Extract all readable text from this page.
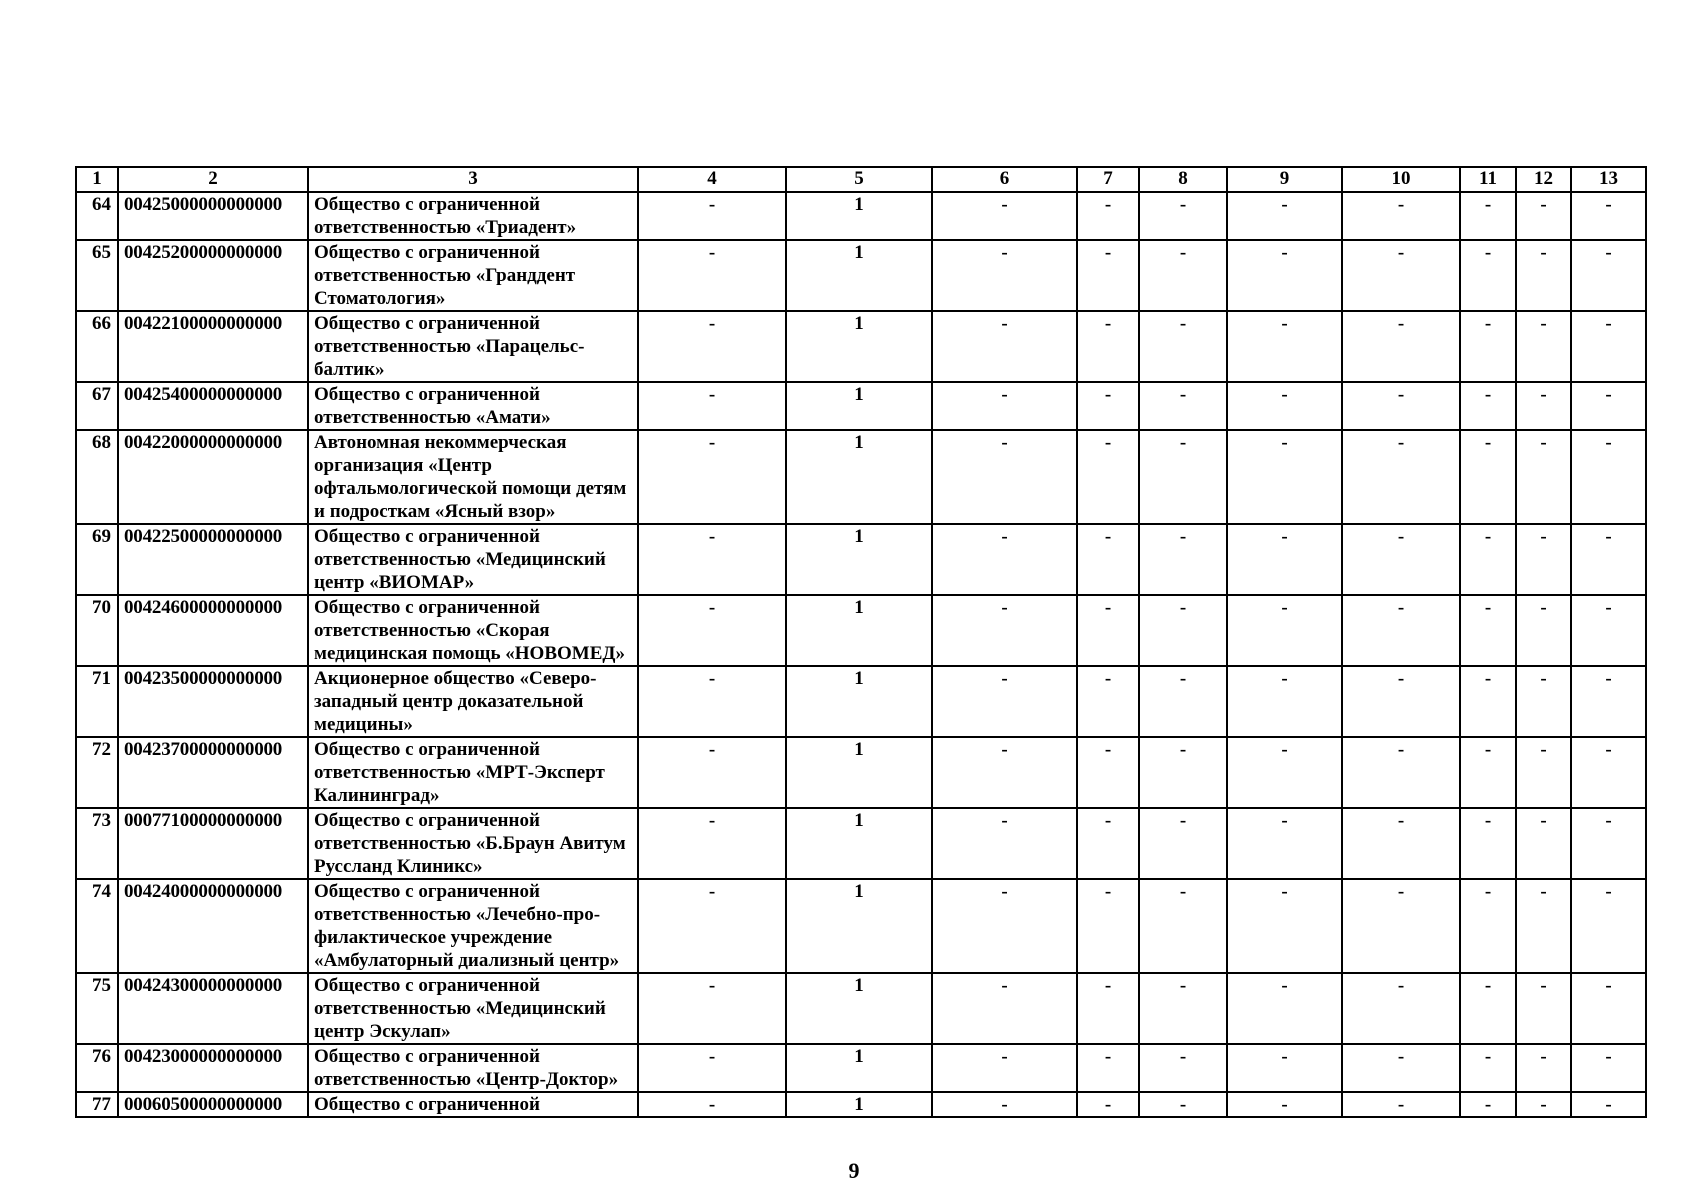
1	2	3	4	5	6	7	8	9	10	11	12	13
64	00425000000000000	Общество с ограниченной ответственностью «Триадент»	-	1	-	-	-	-	-	-	-	-
65	00425200000000000	Общество с ограниченной ответственностью «Гранддент Стоматология»	-	1	-	-	-	-	-	-	-	-
66	00422100000000000	Общество с ограниченной ответственностью «Парацельс-балтик»	-	1	-	-	-	-	-	-	-	-
67	00425400000000000	Общество с ограниченной ответственностью «Амати»	-	1	-	-	-	-	-	-	-	-
68	00422000000000000	Автономная некоммерческая организация «Центр офтальмологической помощи детям и подросткам «Ясный взор»	-	1	-	-	-	-	-	-	-	-
69	00422500000000000	Общество с ограниченной ответственностью «Медицинский центр «ВИОМАР»	-	1	-	-	-	-	-	-	-	-
70	00424600000000000	Общество с ограниченной ответственностью «Скорая медицинская помощь «НОВОМЕД»	-	1	-	-	-	-	-	-	-	-
71	00423500000000000	Акционерное общество «Северо-западный центр доказательной медицины»	-	1	-	-	-	-	-	-	-	-
72	00423700000000000	Общество с ограниченной ответственностью «МРТ-Эксперт Калининград»	-	1	-	-	-	-	-	-	-	-
73	00077100000000000	Общество с ограниченной ответственностью «Б.Браун Авитум Руссланд Клиникс»	-	1	-	-	-	-	-	-	-	-
74	00424000000000000	Общество с ограниченной ответственностью «Лечебно-про- филактическое учреждение «Амбулаторный диализный центр»	-	1	-	-	-	-	-	-	-	-
75	00424300000000000	Общество с ограниченной ответственностью «Медицинский центр Эскулап»	-	1	-	-	-	-	-	-	-	-
76	00423000000000000	Общество с ограниченной ответственностью «Центр-Доктор»	-	1	-	-	-	-	-	-	-	-
77	00060500000000000	Общество с ограниченной	-	1	-	-	-	-	-	-	-	-
9
